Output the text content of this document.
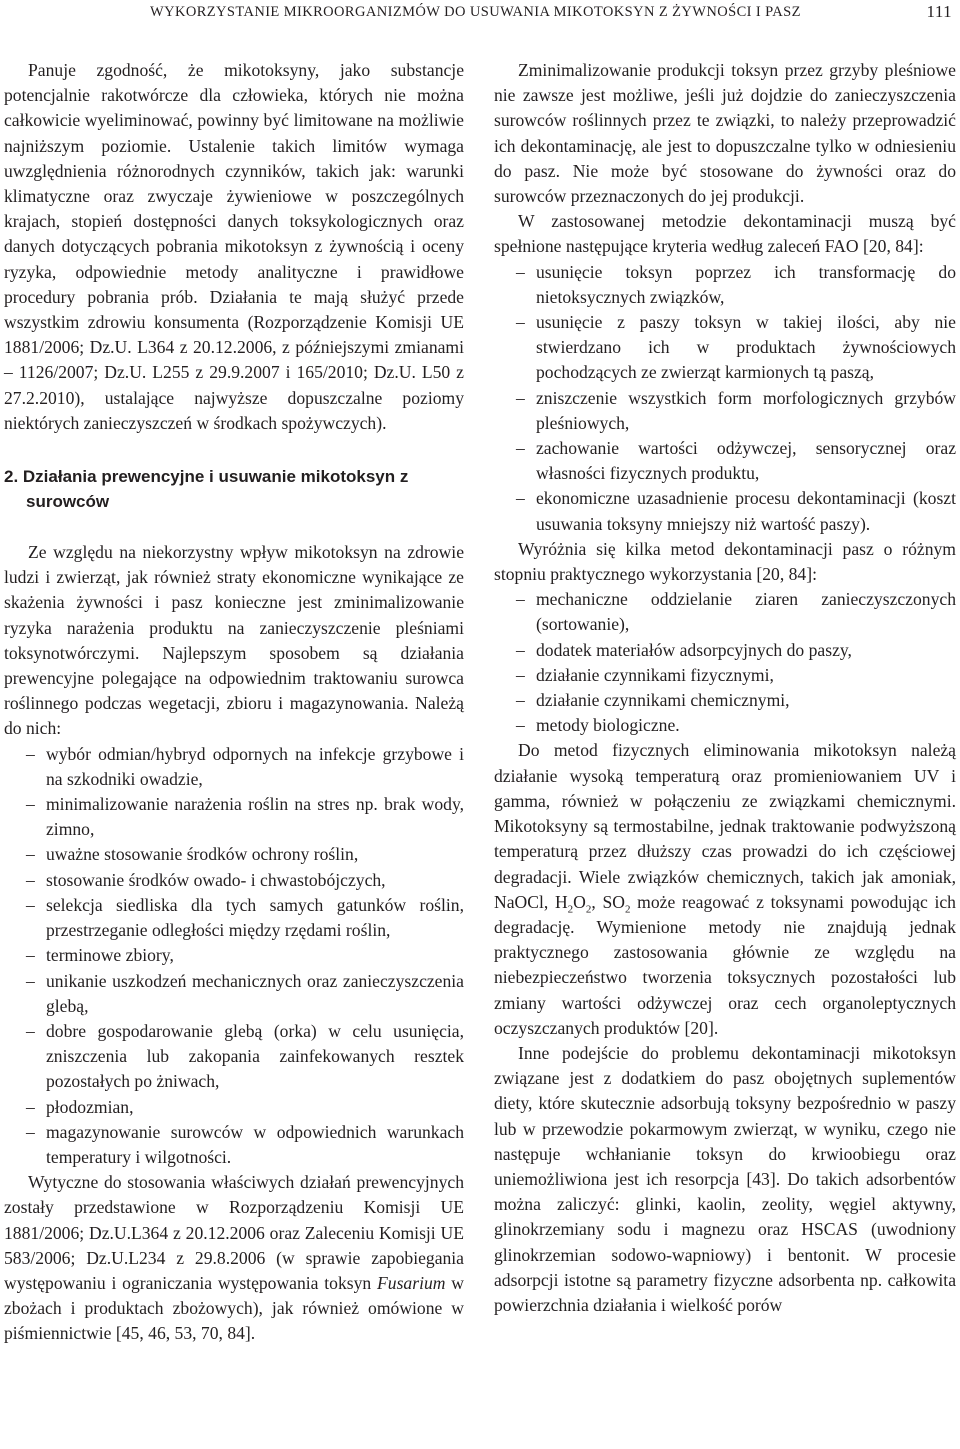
WYKORZYSTANIE MIKROORGANIZMÓW DO USUWANIA MIKOTOKSYN Z ŻYWNOŚCI I PASZ	111

Panuje zgodność, że mikotoksyny, jako substancje potencjalnie rakotwórcze dla człowieka, których nie można całkowicie wyeliminować, powinny być limitowane na możliwie najniższym poziomie. Ustalenie takich limitów wymaga uwzględnienia różnorodnych czynników, takich jak: warunki klimatyczne oraz zwyczaje żywieniowe w poszczególnych krajach, stopień dostępności danych toksykologicznych oraz danych dotyczących pobrania mikotoksyn z żywnością i oceny ryzyka, odpowiednie metody analityczne i prawidłowe procedury pobrania prób. Działania te mają służyć przede wszystkim zdrowiu konsumenta (Rozporządzenie Komisji UE 1881/2006; Dz.U. L364 z 20.12.2006, z późniejszymi zmianami – 1126/2007; Dz.U. L255 z 29.9.2007 i 165/2010; Dz.U. L50 z 27.2.2010), ustalające najwyższe dopuszczalne poziomy niektórych zanieczyszczeń w środkach spożywczych).

2. Działania prewencyjne i usuwanie mikotoksyn z surowców

Ze względu na niekorzystny wpływ mikotoksyn na zdrowie ludzi i zwierząt, jak również straty ekonomiczne wynikające ze skażenia żywności i pasz konieczne jest zminimalizowanie ryzyka narażenia produktu na zanieczyszczenie pleśniami toksynotwórczymi. Najlepszym sposobem są działania prewencyjne polegające na odpowiednim traktowaniu surowca roślinnego podczas wegetacji, zbioru i magazynowania. Należą do nich:

– wybór odmian/hybryd odpornych na infekcje grzybowe i na szkodniki owadzie,
– minimalizowanie narażenia roślin na stres np. brak wody, zimno,
– uważne stosowanie środków ochrony roślin,
– stosowanie środków owado- i chwastobójczych,
– selekcja siedliska dla tych samych gatunków roślin, przestrzeganie odległości między rzędami roślin,
– terminowe zbiory,
– unikanie uszkodzeń mechanicznych oraz zanieczyszczenia glebą,
– dobre gospodarowanie glebą (orka) w celu usunięcia, zniszczenia lub zakopania zainfekowanych resztek pozostałych po żniwach,
– płodozmian,
– magazynowanie surowców w odpowiednich warunkach temperatury i wilgotności.

Wytyczne do stosowania właściwych działań prewencyjnych zostały przedstawione w Rozporządzeniu Komisji UE 1881/2006; Dz.U.L364 z 20.12.2006 oraz Zaleceniu Komisji UE 583/2006; Dz.U.L234 z 29.8.2006 (w sprawie zapobiegania występowaniu i ograniczania występowania toksyn Fusarium w zbożach i produktach zbożowych), jak również omówione w piśmiennictwie [45, 46, 53, 70, 84].

Zminimalizowanie produkcji toksyn przez grzyby pleśniowe nie zawsze jest możliwe, jeśli już dojdzie do zanieczyszczenia surowców roślinnych przez te związki, to należy przeprowadzić ich dekontaminację, ale jest to dopuszczalne tylko w odniesieniu do pasz. Nie może być stosowane do żywności oraz do surowców przeznaczonych do jej produkcji.

W zastosowanej metodzie dekontaminacji muszą być spełnione następujące kryteria według zaleceń FAO [20, 84]:

– usunięcie toksyn poprzez ich transformację do nietoksycznych związków,
– usunięcie z paszy toksyn w takiej ilości, aby nie stwierdzano ich w produktach żywnościowych pochodzących ze zwierząt karmionych tą paszą,
– zniszczenie wszystkich form morfologicznych grzybów pleśniowych,
– zachowanie wartości odżywczej, sensorycznej oraz własności fizycznych produktu,
– ekonomiczne uzasadnienie procesu dekontaminacji (koszt usuwania toksyny mniejszy niż wartość paszy).

Wyróżnia się kilka metod dekontaminacji pasz o różnym stopniu praktycznego wykorzystania [20, 84]:

– mechaniczne oddzielanie ziaren zanieczyszczonych (sortowanie),
– dodatek materiałów adsorpcyjnych do paszy,
– działanie czynnikami fizycznymi,
– działanie czynnikami chemicznymi,
– metody biologiczne.

Do metod fizycznych eliminowania mikotoksyn należą działanie wysoką temperaturą oraz promieniowaniem UV i gamma, również w połączeniu ze związkami chemicznymi. Mikotoksyny są termostabilne, jednak traktowanie podwyższoną temperaturą przez dłuższy czas prowadzi do ich częściowej degradacji. Wiele związków chemicznych, takich jak amoniak, NaOCl, $H_2O_2$, $SO_2$ może reagować z toksynami powodując ich degradację. Wymienione metody nie znajdują jednak praktycznego zastosowania głównie ze względu na niebezpieczeństwo tworzenia toksycznych pozostałości lub zmiany wartości odżywczej oraz cech organoleptycznych oczyszczanych produktów [20].

Inne podejście do problemu dekontaminacji mikotoksyn związane jest z dodatkiem do pasz obojętnych suplementów diety, które skutecznie adsorbują toksyny bezpośrednio w paszy lub w przewodzie pokarmowym zwierząt, w wyniku, czego nie następuje wchłanianie toksyn do krwioobiegu oraz uniemożliwiona jest ich resorpcja [43]. Do takich adsorbentów można zaliczyć: glinki, kaolin, zeolity, węgiel aktywny, glinokrzemiany sodu i magnezu oraz HSCAS (uwodniony glinokrzemian sodowo-wapniowy) i bentonit. W procesie adsorpcji istotne są parametry fizyczne adsorbenta np. całkowita powierzchnia działania i wielkość porów
